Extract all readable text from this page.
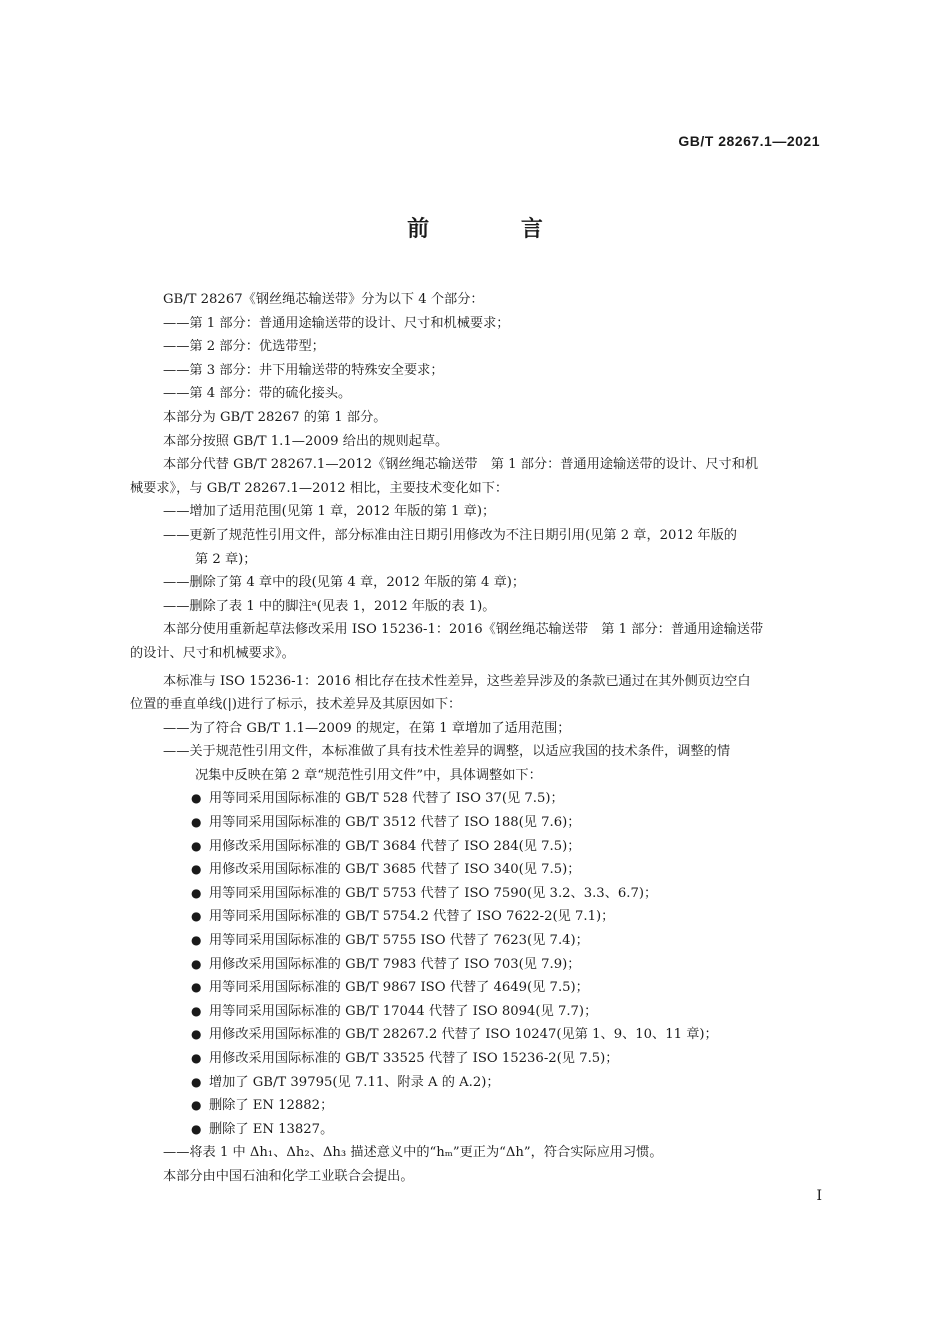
GB/T 28267.1—2021
前 言
GB/T 28267《钢丝绳芯输送带》分为以下 4 个部分：
——第 1 部分：普通用途输送带的设计、尺寸和机械要求；
——第 2 部分：优选带型；
——第 3 部分：井下用输送带的特殊安全要求；
——第 4 部分：带的硫化接头。
本部分为 GB/T 28267 的第 1 部分。
本部分按照 GB/T 1.1—2009 给出的规则起草。
本部分代替 GB/T 28267.1—2012《钢丝绳芯输送带　第 1 部分：普通用途输送带的设计、尺寸和机
械要求》，与 GB/T 28267.1—2012 相比，主要技术变化如下：
——增加了适用范围(见第 1 章，2012 年版的第 1 章)；
——更新了规范性引用文件，部分标准由注日期引用修改为不注日期引用(见第 2 章，2012 年版的
第 2 章)；
——删除了第 4 章中的段(见第 4 章，2012 年版的第 4 章)；
——删除了表 1 中的脚注ᵃ(见表 1，2012 年版的表 1)。
本部分使用重新起草法修改采用 ISO 15236-1：2016《钢丝绳芯输送带　第 1 部分：普通用途输送带
的设计、尺寸和机械要求》。
本标准与 ISO 15236-1：2016 相比存在技术性差异，这些差异涉及的条款已通过在其外侧页边空白
位置的垂直单线(|)进行了标示，技术差异及其原因如下：
——为了符合 GB/T 1.1—2009 的规定，在第 1 章增加了适用范围；
——关于规范性引用文件，本标准做了具有技术性差异的调整，以适应我国的技术条件，调整的情
况集中反映在第 2 章“规范性引用文件”中，具体调整如下：
● 用等同采用国际标准的 GB/T 528 代替了 ISO 37(见 7.5)；
● 用等同采用国际标准的 GB/T 3512 代替了 ISO 188(见 7.6)；
● 用修改采用国际标准的 GB/T 3684 代替了 ISO 284(见 7.5)；
● 用修改采用国际标准的 GB/T 3685 代替了 ISO 340(见 7.5)；
● 用等同采用国际标准的 GB/T 5753 代替了 ISO 7590(见 3.2、3.3、6.7)；
● 用等同采用国际标准的 GB/T 5754.2 代替了 ISO 7622-2(见 7.1)；
● 用等同采用国际标准的 GB/T 5755 ISO 代替了 7623(见 7.4)；
● 用修改采用国际标准的 GB/T 7983 代替了 ISO 703(见 7.9)；
● 用等同采用国际标准的 GB/T 9867 ISO 代替了 4649(见 7.5)；
● 用等同采用国际标准的 GB/T 17044 代替了 ISO 8094(见 7.7)；
● 用修改采用国际标准的 GB/T 28267.2 代替了 ISO 10247(见第 1、9、10、11 章)；
● 用修改采用国际标准的 GB/T 33525 代替了 ISO 15236-2(见 7.5)；
● 增加了 GB/T 39795(见 7.11、附录 A 的 A.2)；
● 删除了 EN 12882；
● 删除了 EN 13827。
——将表 1 中 Δh₁、Δh₂、Δh₃ 描述意义中的“hₘ”更正为“Δh”，符合实际应用习惯。
本部分由中国石油和化学工业联合会提出。
I
